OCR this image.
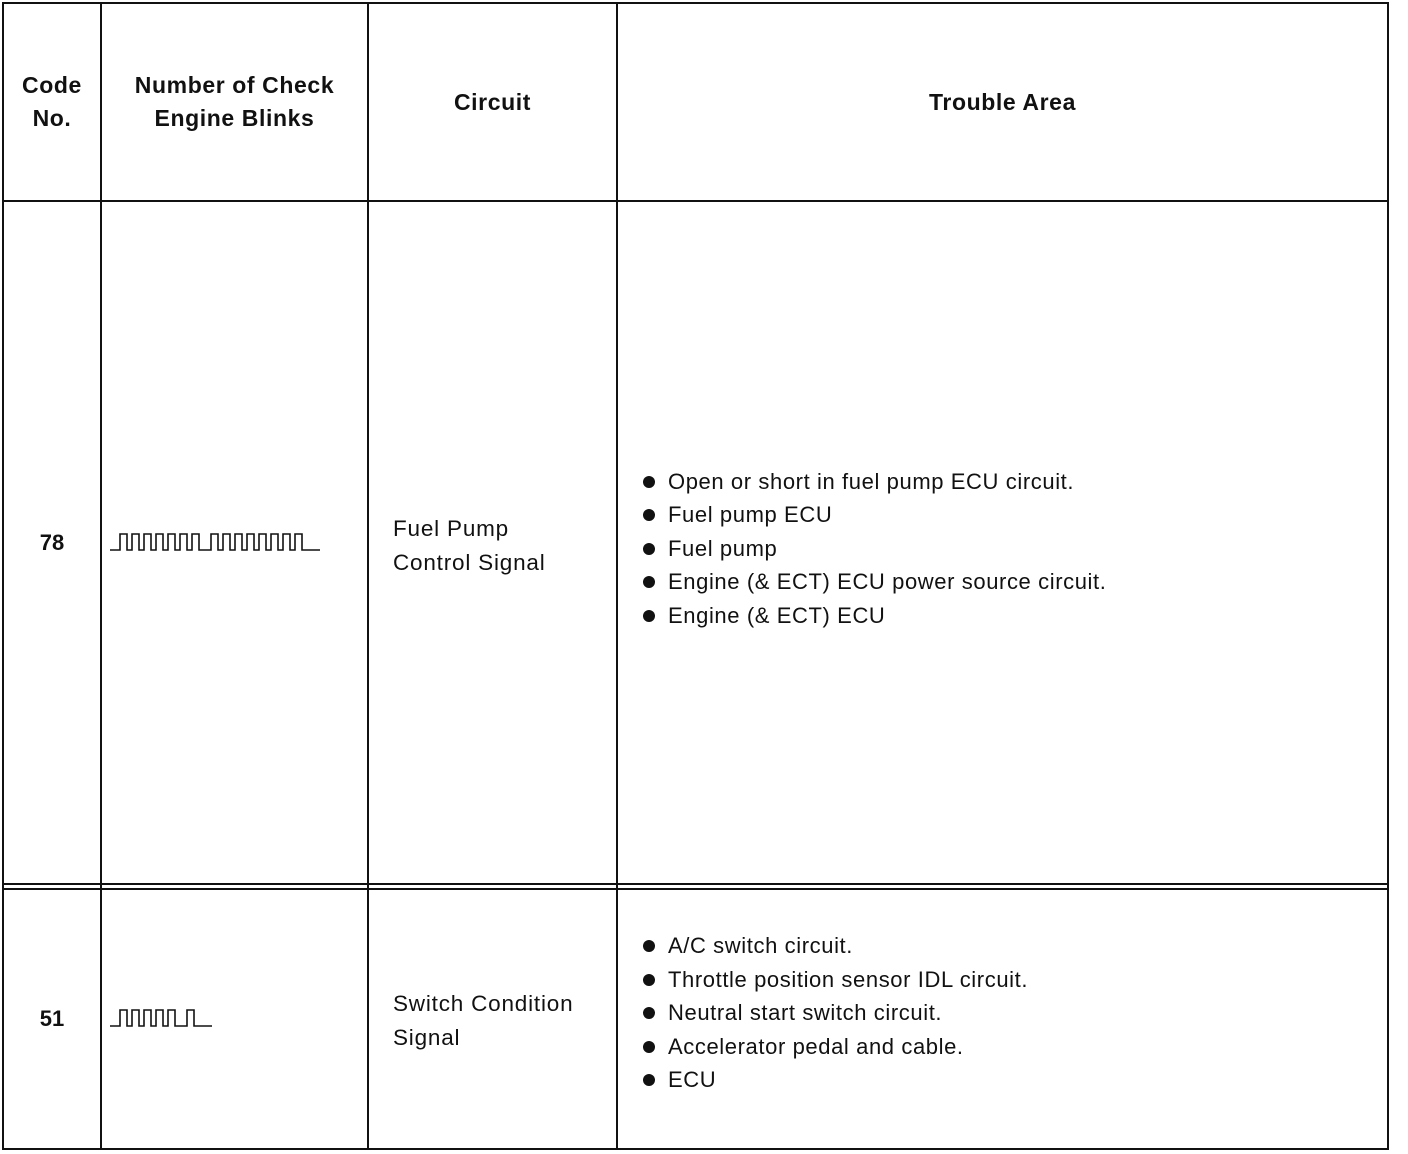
Code
No.
Number of Check
Engine Blinks
Circuit	Trouble Area
78
Fuel Pump
Control Signal
Open or short in fuel pump ECU circuit.
Fuel pump ECU
Fuel pump
Engine (& ECT) ECU power source circuit.
Engine (& ECT) ECU
51
Switch Condition
Signal
A/C switch circuit.
Throttle position sensor IDL circuit.
Neutral start switch circuit.
Accelerator pedal and cable.
ECU
